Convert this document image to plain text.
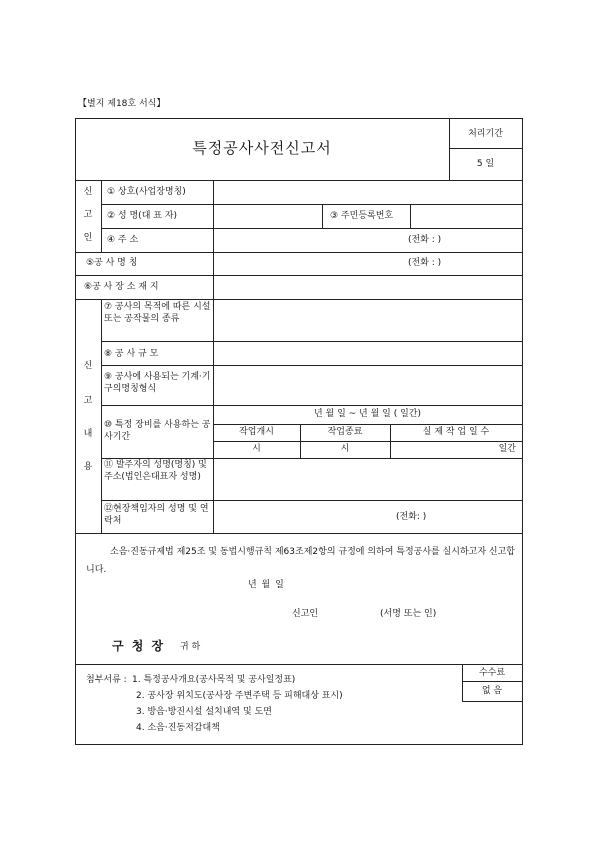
【별지 제18호 서식】
특정공사사전신고서
처리기간
5 일
신
고
인
① 상호(사업장명칭)
② 성 명(대 표 자)	③ 주민등록번호
④ 주 소	(전화 : )
⑤공 사 명 칭	(전화 : )
⑥공 사 장 소 재 지
신
고
내
용
⑦ 공사의 목적에 따른 시설 또는 공작물의 종류
⑧ 공 사 규 모
⑨ 공사에 사용되는 기계·기구의명칭형식
⑩ 특정 장비를 사용하는 공사기간
년 월 일 ~ 년 월 일 ( 일간)
작업개시	작업종료	실 제 작 업 일 수
시	시	일간
⑪ 발주자의 성명(명칭) 및 주소(법인은대표자 성명)
⑫현장책임자의 성명 및 연락처	(전화: )
소음·진동규제법 제25조 및 동법시행규칙 제63조제2항의 규정에 의하여 특정공사를 실시하고자 신고합니다.
년 월 일
신고인	(서명 또는 인)
구 청 장 귀 하
첨부서류 : 1. 특정공사개요(공사목적 및 공사일정표)
2. 공사장 위치도(공사장 주변주택 등 피해대상 표시)
3. 방음·방진시설 설치내역 및 도면
4. 소음·진동저감대책
수수료
없 음
